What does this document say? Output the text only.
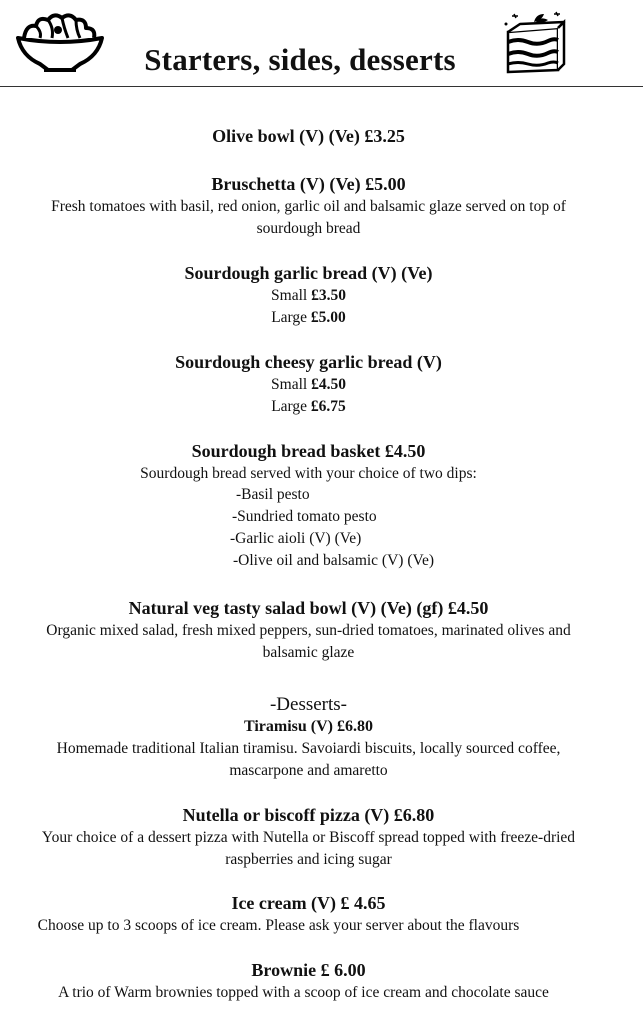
Starters, sides, desserts
Olive bowl (V) (Ve) £3.25
Bruschetta (V) (Ve) £5.00
Fresh tomatoes with basil, red onion, garlic oil and balsamic glaze served on top of
sourdough bread
Sourdough garlic bread (V) (Ve)
Small £3.50
Large £5.00
Sourdough cheesy garlic bread (V)
Small £4.50
Large £6.75
Sourdough bread basket £4.50
Sourdough bread served with your choice of two dips:
-Basil pesto
-Sundried tomato pesto
-Garlic aioli (V) (Ve)
-Olive oil and balsamic (V) (Ve)
Natural veg tasty salad bowl (V) (Ve) (gf) £4.50
Organic mixed salad, fresh mixed peppers, sun-dried tomatoes, marinated olives and
balsamic glaze
-Desserts-
Tiramisu (V) £6.80
Homemade traditional Italian tiramisu. Savoiardi biscuits, locally sourced coffee,
mascarpone and amaretto
Nutella or biscoff pizza (V) £6.80
Your choice of a dessert pizza with Nutella or Biscoff spread topped with freeze-dried
raspberries and icing sugar
Ice cream (V) £ 4.65
Choose up to 3 scoops of ice cream. Please ask your server about the flavours
Brownie £ 6.00
A trio of Warm brownies topped with a scoop of ice cream and chocolate sauce
